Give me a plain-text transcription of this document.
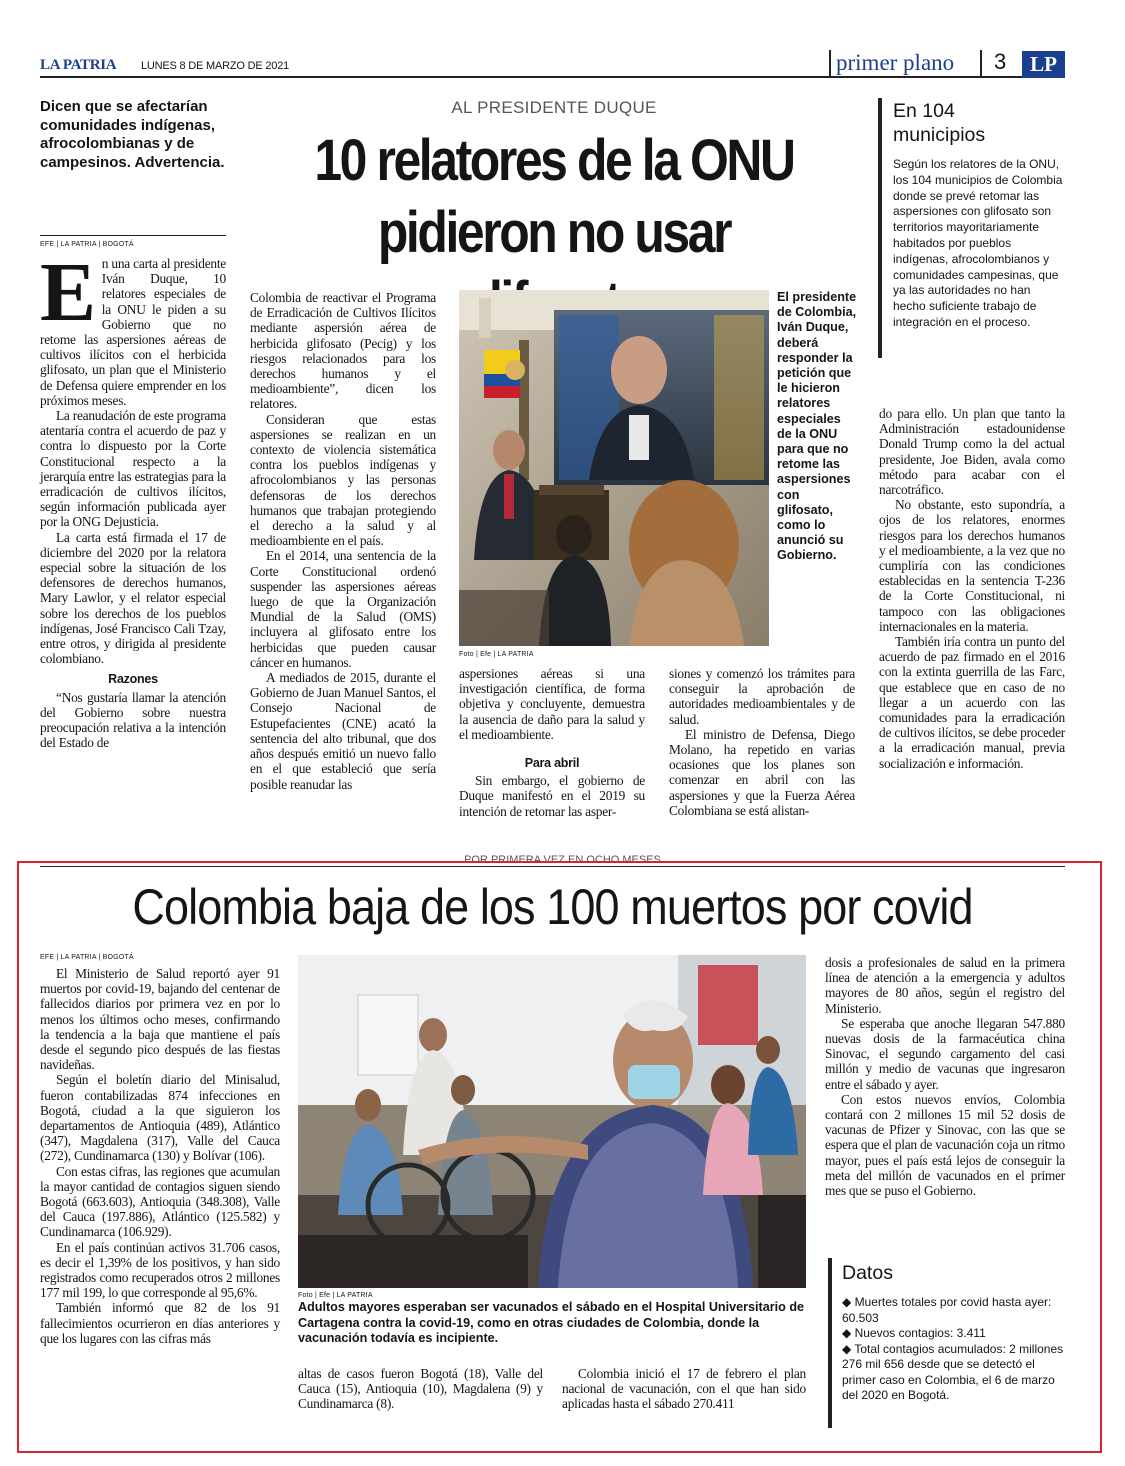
LA PATRIA LUNES 8 DE MARZO DE 2021	primer plano 3	LP
Dicen que se afectarían comunidades indígenas, afrocolombianas y de campesinos. Advertencia.
EFE | LA PATRIA | BOGOTÁ
AL PRESIDENTE DUQUE
10 relatores de la ONU
pidieron no usar
E n una carta al presidente Iván Duque, 10 relatores especiales de la ONU le piden a su Gobierno que no retome las aspersiones aéreas de cultivos ilícitos con el herbicida glifosato, un plan que el Ministerio de Defensa quiere emprender en los próximos meses.

La reanudación de este programa atentaría contra el acuerdo de paz y contra lo dispuesto por la Corte Constitucional respecto a la jerarquía entre las estrategias para la erradicación de cultivos ilícitos, según información publicada ayer por la ONG Dejusticia.

La carta está firmada el 17 de diciembre del 2020 por la relatora especial sobre la situación de los defensores de derechos humanos, Mary Lawlor, y el relator especial sobre los derechos de los pueblos indígenas, José Francisco Cali Tzay, entre otros, y dirigida al presidente colombiano.

Razones

“Nos gustaría llamar la atención del Gobierno sobre nuestra preocupación relativa a la intención del Estado de

Colombia de reactivar el Programa de Erradicación de Cultivos Ilícitos mediante aspersión aérea de herbicida glifosato (Pecig) y los riesgos relacionados para los derechos humanos y el medioambiente”, dicen los relatores.

Consideran que estas aspersiones se realizan en un contexto de violencia sistemática contra los pueblos indígenas y afrocolombianos y las personas defensoras de los derechos humanos que trabajan protegiendo el derecho a la salud y al medioambiente en el país.

En el 2014, una sentencia de la Corte Constitucional ordenó suspender las aspersiones aéreas luego de que la Organización Mundial de la Salud (OMS) incluyera al glifosato entre los herbicidas que pueden causar cáncer en humanos.

A mediados de 2015, durante el Gobierno de Juan Manuel Santos, el Consejo Nacional de Estupefacientes (CNE) acató la sentencia del alto tribunal, que dos años después emitió un nuevo fallo en el que estableció que sería posible reanudar las

Foto | Efe | LA PATRIA
El presidente de Colombia, Iván Duque, deberá responder la petición que le hicieron relatores especiales de la ONU para que no retome las aspersiones con glifosato, como lo anunció su Gobierno.

aspersiones aéreas si una investigación científica, de forma objetiva y concluyente, demuestra la ausencia de daño para la salud y el medioambiente.

Para abril

Sin embargo, el gobierno de Duque manifestó en el 2019 su intención de retomar las asper-

siones y comenzó los trámites para conseguir la aprobación de autoridades medioambientales y de salud.

El ministro de Defensa, Diego Molano, ha repetido en varias ocasiones que los planes son comenzar en abril con las aspersiones y que la Fuerza Aérea Colombiana se está alistan-

En 104 municipios
Según los relatores de la ONU, los 104 municipios de Colombia donde se prevé retomar las aspersiones con glifosato son territorios mayoritariamente habitados por pueblos indígenas, afrocolombianos y comunidades campesinas, que ya las autoridades no han hecho suficiente trabajo de integración en el proceso.

do para ello. Un plan que tanto la Administración estadounidense Donald Trump como la del actual presidente, Joe Biden, avala como método para acabar con el narcotráfico.

No obstante, esto supondría, a ojos de los relatores, enormes riesgos para los derechos humanos y el medioambiente, a la vez que no cumpliría con las condiciones establecidas en la sentencia T-236 de la Corte Constitucional, ni tampoco con las obligaciones internacionales en la materia.

También iría contra un punto del acuerdo de paz firmado en el 2016 con la extinta guerrilla de las Farc, que establece que en caso de no llegar a un acuerdo con las comunidades para la erradicación de cultivos ilícitos, se debe proceder a la erradicación manual, previa socialización e información.

POR PRIMERA VEZ EN OCHO MESES
Colombia baja de los 100 muertos por covid
EFE | LA PATRIA | BOGOTÁ

El Ministerio de Salud reportó ayer 91 muertos por covid-19, bajando del centenar de fallecidos diarios por primera vez en por lo menos los últimos ocho meses, confirmando la tendencia a la baja que mantiene el país desde el segundo pico después de las fiestas navideñas.

Según el boletín diario del Minisalud, fueron contabilizadas 874 infecciones en Bogotá, ciudad a la que siguieron los departamentos de Antioquia (489), Atlántico (347), Magdalena (317), Valle del Cauca (272), Cundinamarca (130) y Bolívar (106).

Con estas cifras, las regiones que acumulan la mayor cantidad de contagios siguen siendo Bogotá (663.603), Antioquia (348.308), Valle del Cauca (197.886), Atlántico (125.582) y Cundinamarca (106.929).

En el país continúan activos 31.706 casos, es decir el 1,39% de los positivos, y han sido registrados como recuperados otros 2 millones 177 mil 199, lo que corresponde al 95,6%.

También informó que 82 de los 91 fallecimientos ocurrieron en días anteriores y que los lugares con las cifras más

Foto | Efe | LA PATRIA
Adultos mayores esperaban ser vacunados el sábado en el Hospital Universitario de Cartagena contra la covid-19, como en otras ciudades de Colombia, donde la vacunación todavía es incipiente.

altas de casos fueron Bogotá (18), Valle del Cauca (15), Antioquia (10), Magdalena (9) y Cundinamarca (8).

Colombia inició el 17 de febrero el plan nacional de vacunación, con el que han sido aplicadas hasta el sábado 270.411

dosis a profesionales de salud en la primera línea de atención a la emergencia y adultos mayores de 80 años, según el registro del Ministerio.

Se esperaba que anoche llegaran 547.880 nuevas dosis de la farmacéutica china Sinovac, el segundo cargamento del casi millón y medio de vacunas que ingresaron entre el sábado y ayer.

Con estos nuevos envíos, Colombia contará con 2 millones 15 mil 52 dosis de vacunas de Pfizer y Sinovac, con las que se espera que el plan de vacunación coja un ritmo mayor, pues el país está lejos de conseguir la meta del millón de vacunados en el primer mes que se puso el Gobierno.

Datos
◆ Muertes totales por covid hasta ayer: 60.503
◆ Nuevos contagios: 3.411
◆ Total contagios acumulados: 2 millones 276 mil 656 desde que se detectó el primer caso en Colombia, el 6 de marzo del 2020 en Bogotá.
